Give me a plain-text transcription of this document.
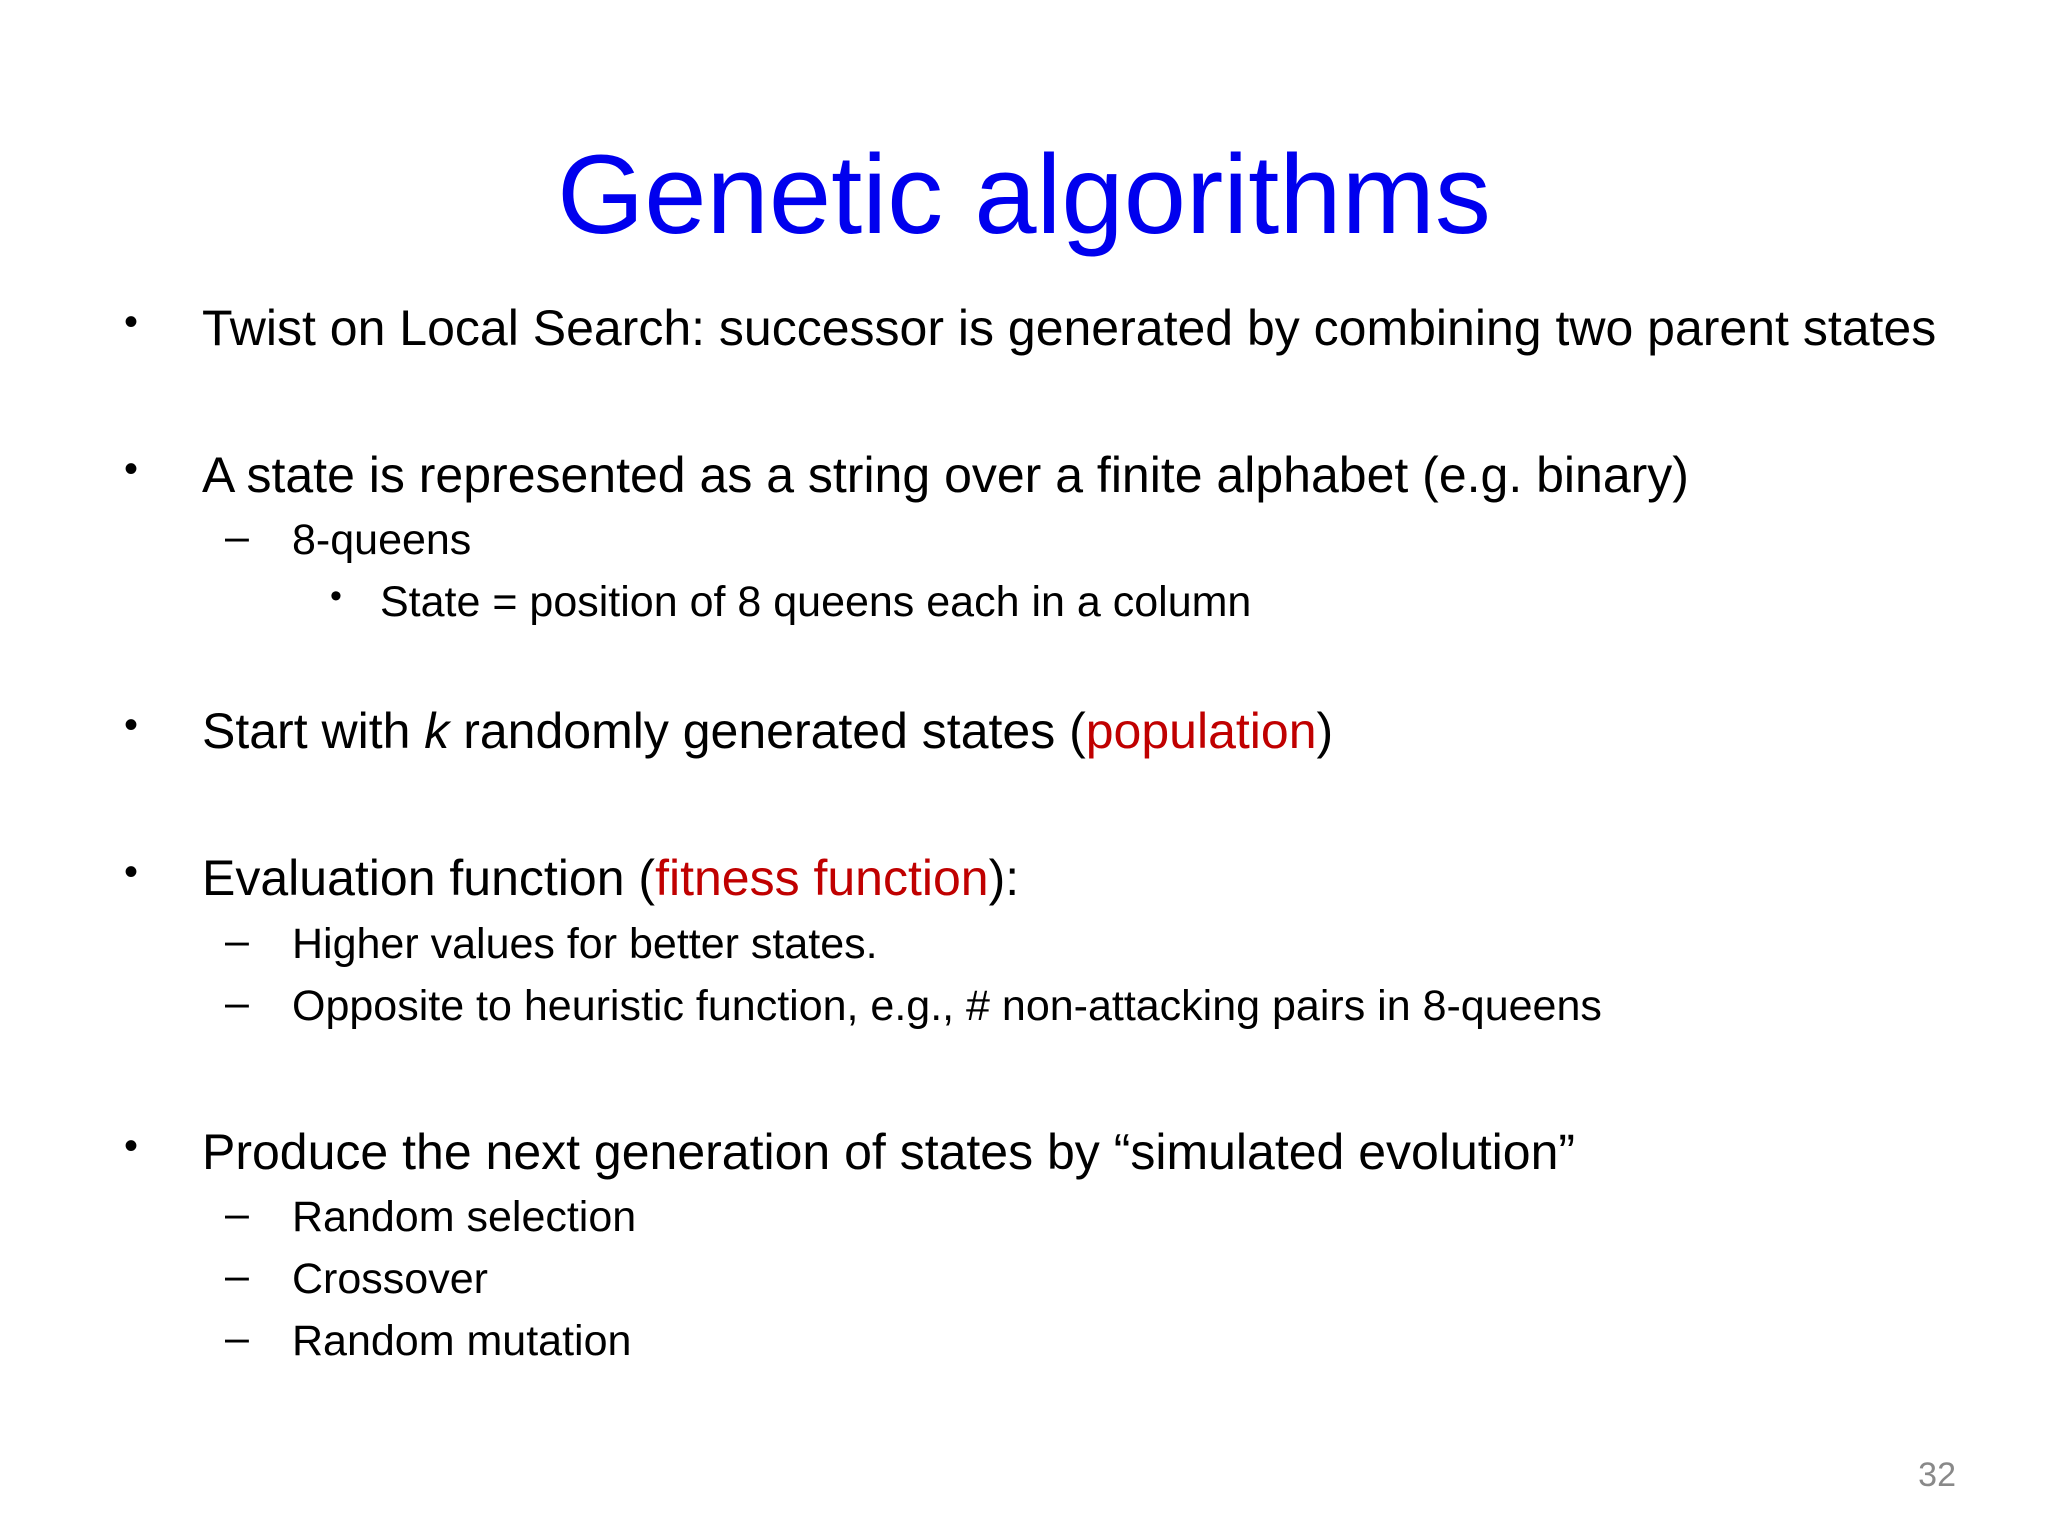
Genetic algorithms
• Twist on Local Search: successor is generated by combining two parent states
• A state is represented as a string over a finite alphabet (e.g. binary)
– 8-queens
• State = position of 8 queens each in a column
• Start with k randomly generated states (population)
• Evaluation function (fitness function):
– Higher values for better states.
– Opposite to heuristic function, e.g., # non-attacking pairs in 8-queens
• Produce the next generation of states by “simulated evolution”
– Random selection
– Crossover
– Random mutation
32
